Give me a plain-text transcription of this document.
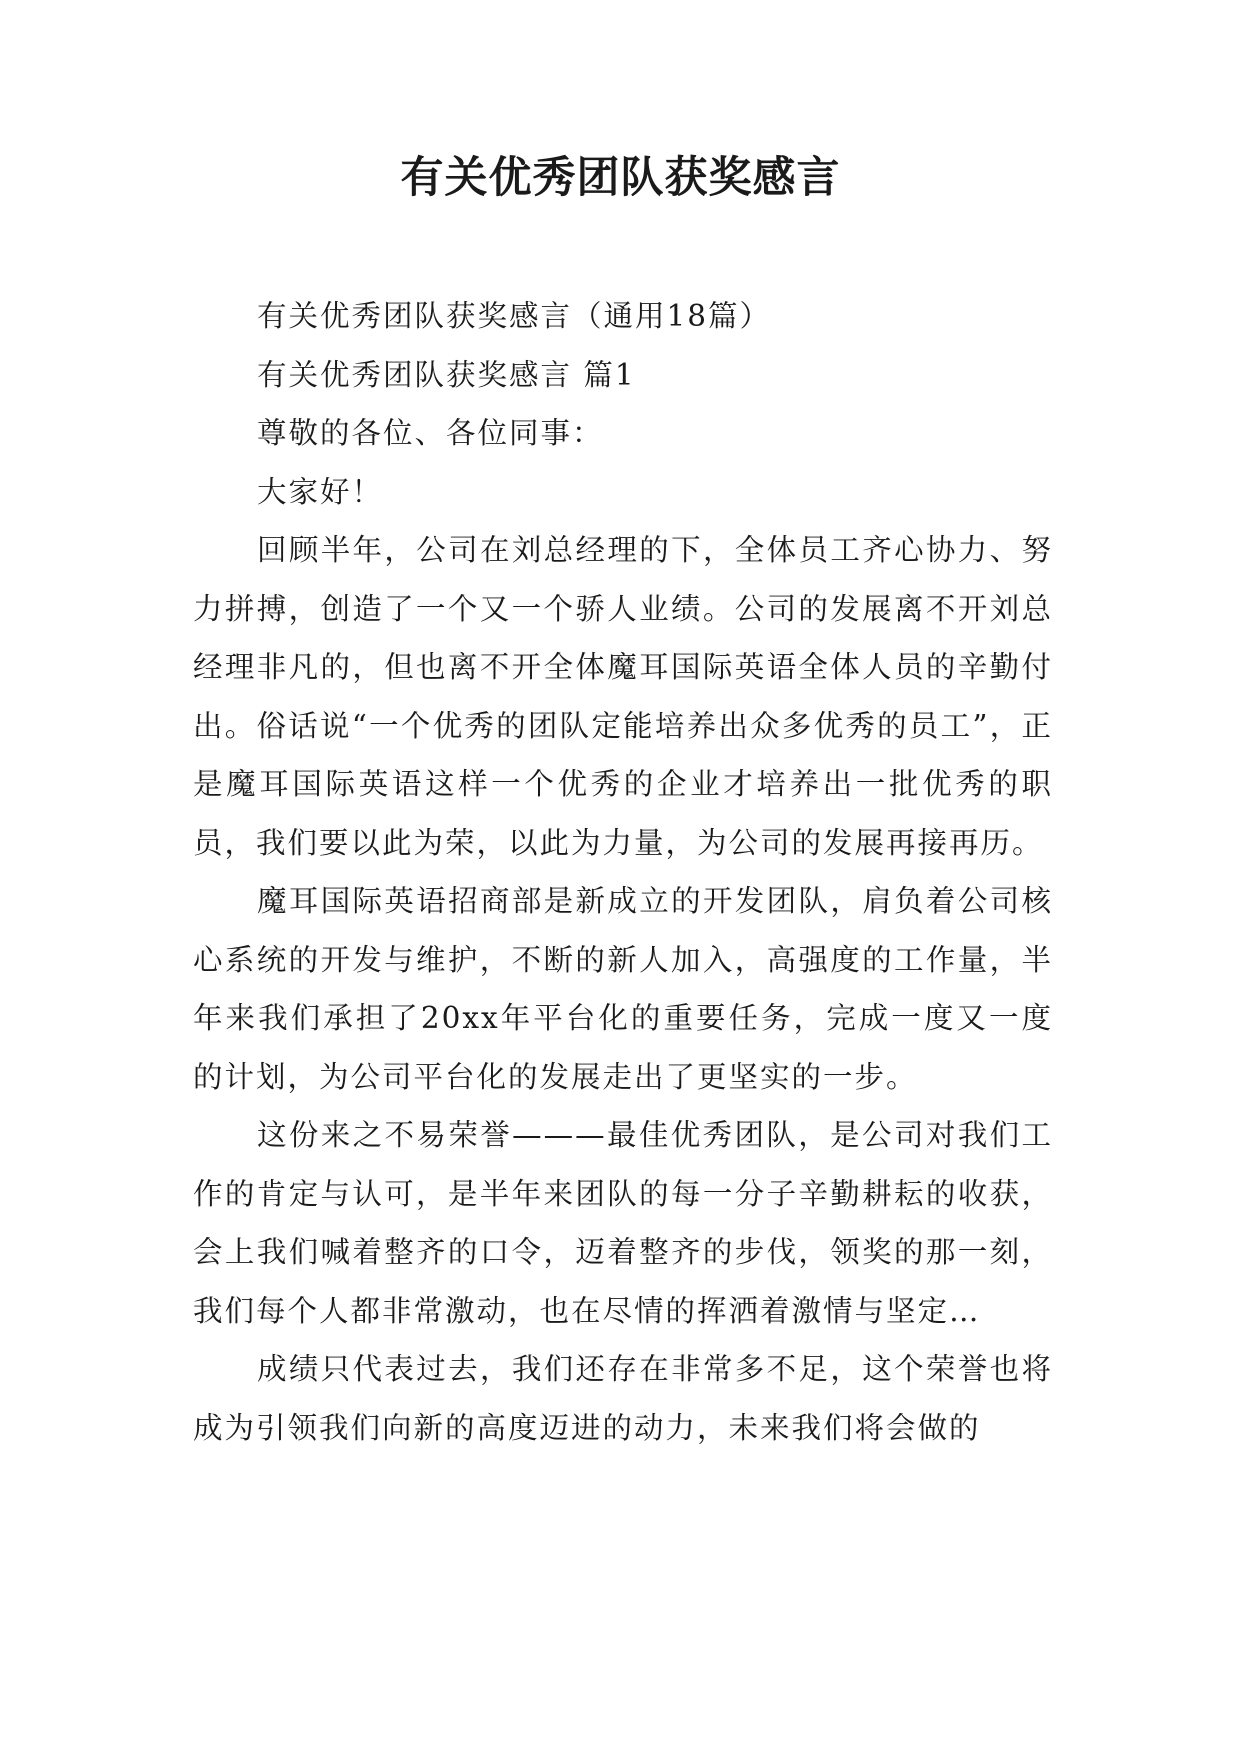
有关优秀团队获奖感言

有关优秀团队获奖感言（通用18篇）

有关优秀团队获奖感言 篇1

尊敬的各位、各位同事：

大家好！

回顾半年，公司在刘总经理的下，全体员工齐心协力、努力拼搏，创造了一个又一个骄人业绩。公司的发展离不开刘总经理非凡的，但也离不开全体魔耳国际英语全体人员的辛勤付出。俗话说“一个优秀的团队定能培养出众多优秀的员工”，正是魔耳国际英语这样一个优秀的企业才培养出一批优秀的职员，我们要以此为荣，以此为力量，为公司的发展再接再历。

魔耳国际英语招商部是新成立的开发团队，肩负着公司核心系统的开发与维护，不断的新人加入，高强度的工作量，半年来我们承担了20xx年平台化的重要任务，完成一度又一度的计划，为公司平台化的发展走出了更坚实的一步。

这份来之不易荣誉———最佳优秀团队，是公司对我们工作的肯定与认可，是半年来团队的每一分子辛勤耕耘的收获，会上我们喊着整齐的口令，迈着整齐的步伐，领奖的那一刻，我们每个人都非常激动，也在尽情的挥洒着激情与坚定…

成绩只代表过去，我们还存在非常多不足，这个荣誉也将成为引领我们向新的高度迈进的动力，未来我们将会做的
